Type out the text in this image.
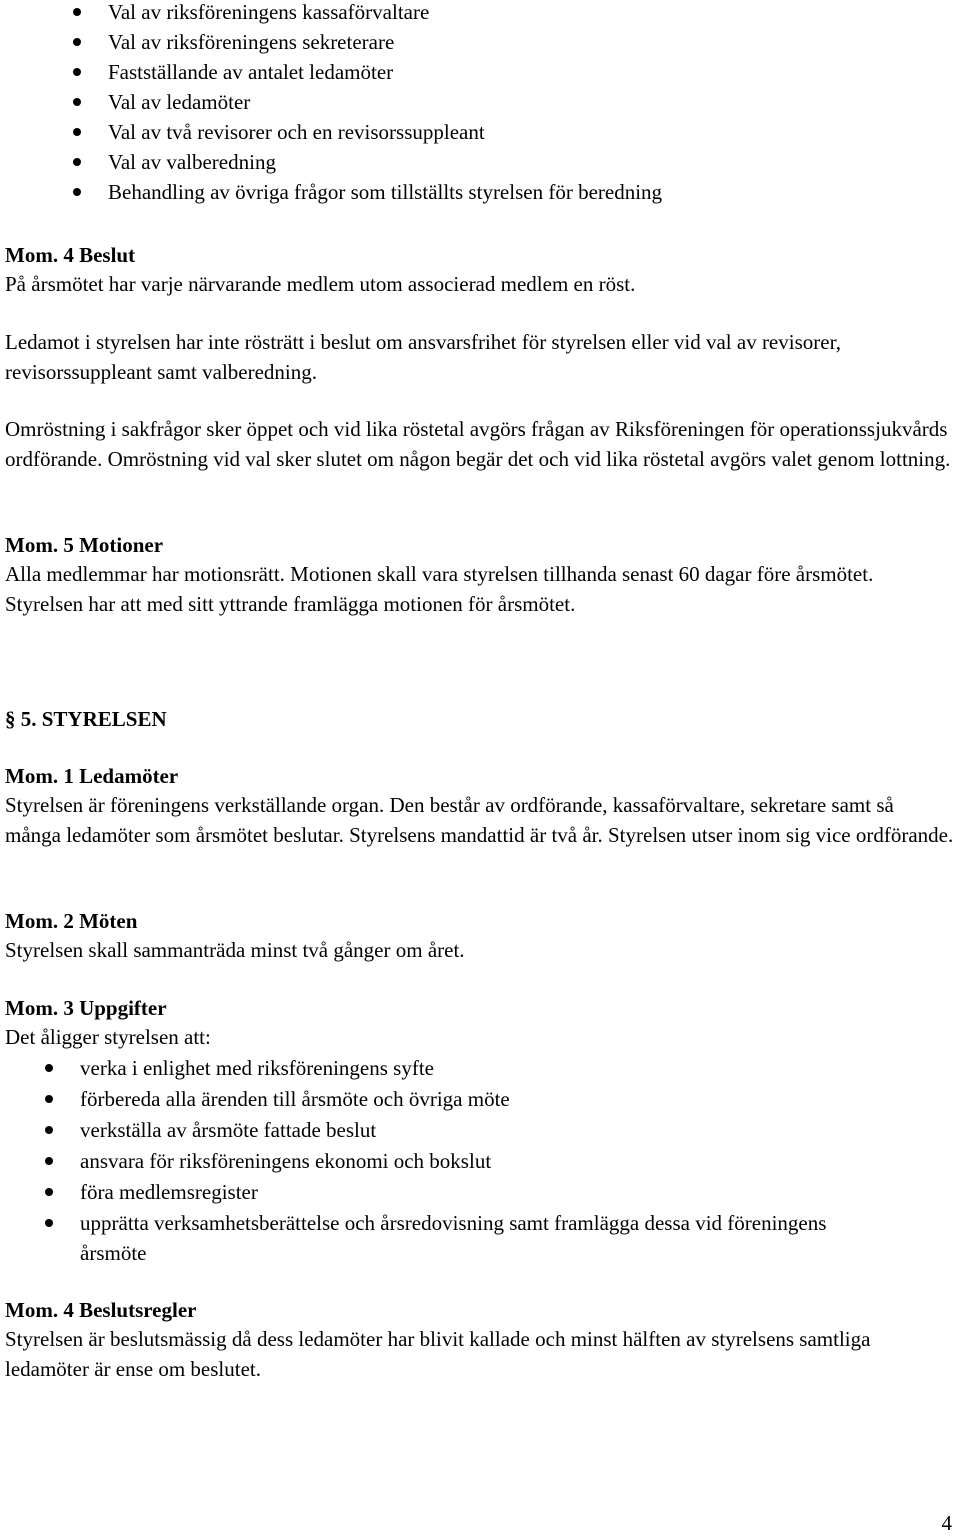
Val av riksföreningens kassaförvaltare
Val av riksföreningens sekreterare
Fastställande av antalet ledamöter
Val av ledamöter
Val av två revisorer och en revisorssuppleant
Val av valberedning
Behandling av övriga frågor som tillställts styrelsen för beredning
Mom. 4 Beslut

På årsmötet har varje närvarande medlem utom associerad medlem en röst.

Ledamot i styrelsen har inte rösträtt i beslut om ansvarsfrihet för styrelsen eller vid val av revisorer, revisorssuppleant samt valberedning.

Omröstning i sakfrågor sker öppet och vid lika röstetal avgörs frågan av Riksföreningen för operationssjukvårds ordförande. Omröstning vid val sker slutet om någon begär det och vid lika röstetal avgörs valet genom lottning.

Mom. 5 Motioner

Alla medlemmar har motionsrätt. Motionen skall vara styrelsen tillhanda senast 60 dagar före årsmötet. Styrelsen har att med sitt yttrande framlägga motionen för årsmötet.

§ 5. STYRELSEN
Mom. 1 Ledamöter

Styrelsen är föreningens verkställande organ. Den består av ordförande, kassaförvaltare, sekretare samt så många ledamöter som årsmötet beslutar. Styrelsens mandattid är två år. Styrelsen utser inom sig vice ordförande.

Mom. 2 Möten

Styrelsen skall sammanträda minst två gånger om året.

Mom. 3 Uppgifter

Det åligger styrelsen att:

verka i enlighet med riksföreningens syfte
förbereda alla ärenden till årsmöte och övriga möte
verkställa av årsmöte fattade beslut
ansvara för riksföreningens ekonomi och bokslut
föra medlemsregister
upprätta verksamhetsberättelse och årsredovisning samt framlägga dessa vid föreningens årsmöte
Mom. 4 Beslutsregler

Styrelsen är beslutsmässig då dess ledamöter har blivit kallade och minst hälften av styrelsens samtliga ledamöter är ense om beslutet.

4
